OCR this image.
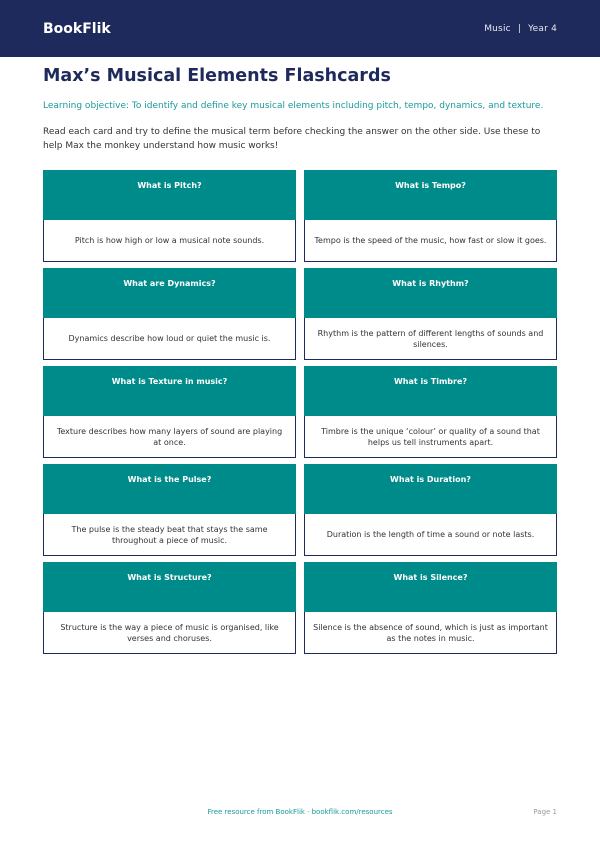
BookFlik	Music | Year 4
Max’s Musical Elements Flashcards

Learning objective: To identify and define key musical elements including pitch, tempo, dynamics, and texture.

Read each card and try to define the musical term before checking the answer on the other side. Use these to help Max the monkey understand how music works!

What is Pitch?
Pitch is how high or low a musical note sounds.
What is Tempo?
Tempo is the speed of the music, how fast or slow it goes.
What are Dynamics?
Dynamics describe how loud or quiet the music is.
What is Rhythm?
Rhythm is the pattern of different lengths of sounds and silences.
What is Texture in music?
Texture describes how many layers of sound are playing at once.
What is Timbre?
Timbre is the unique ‘colour’ or quality of a sound that helps us tell instruments apart.
What is the Pulse?
The pulse is the steady beat that stays the same throughout a piece of music.
What is Duration?
Duration is the length of time a sound or note lasts.
What is Structure?
Structure is the way a piece of music is organised, like verses and choruses.
What is Silence?
Silence is the absence of sound, which is just as important as the notes in music.
Free resource from BookFlik · bookflik.com/resources	Page 1
